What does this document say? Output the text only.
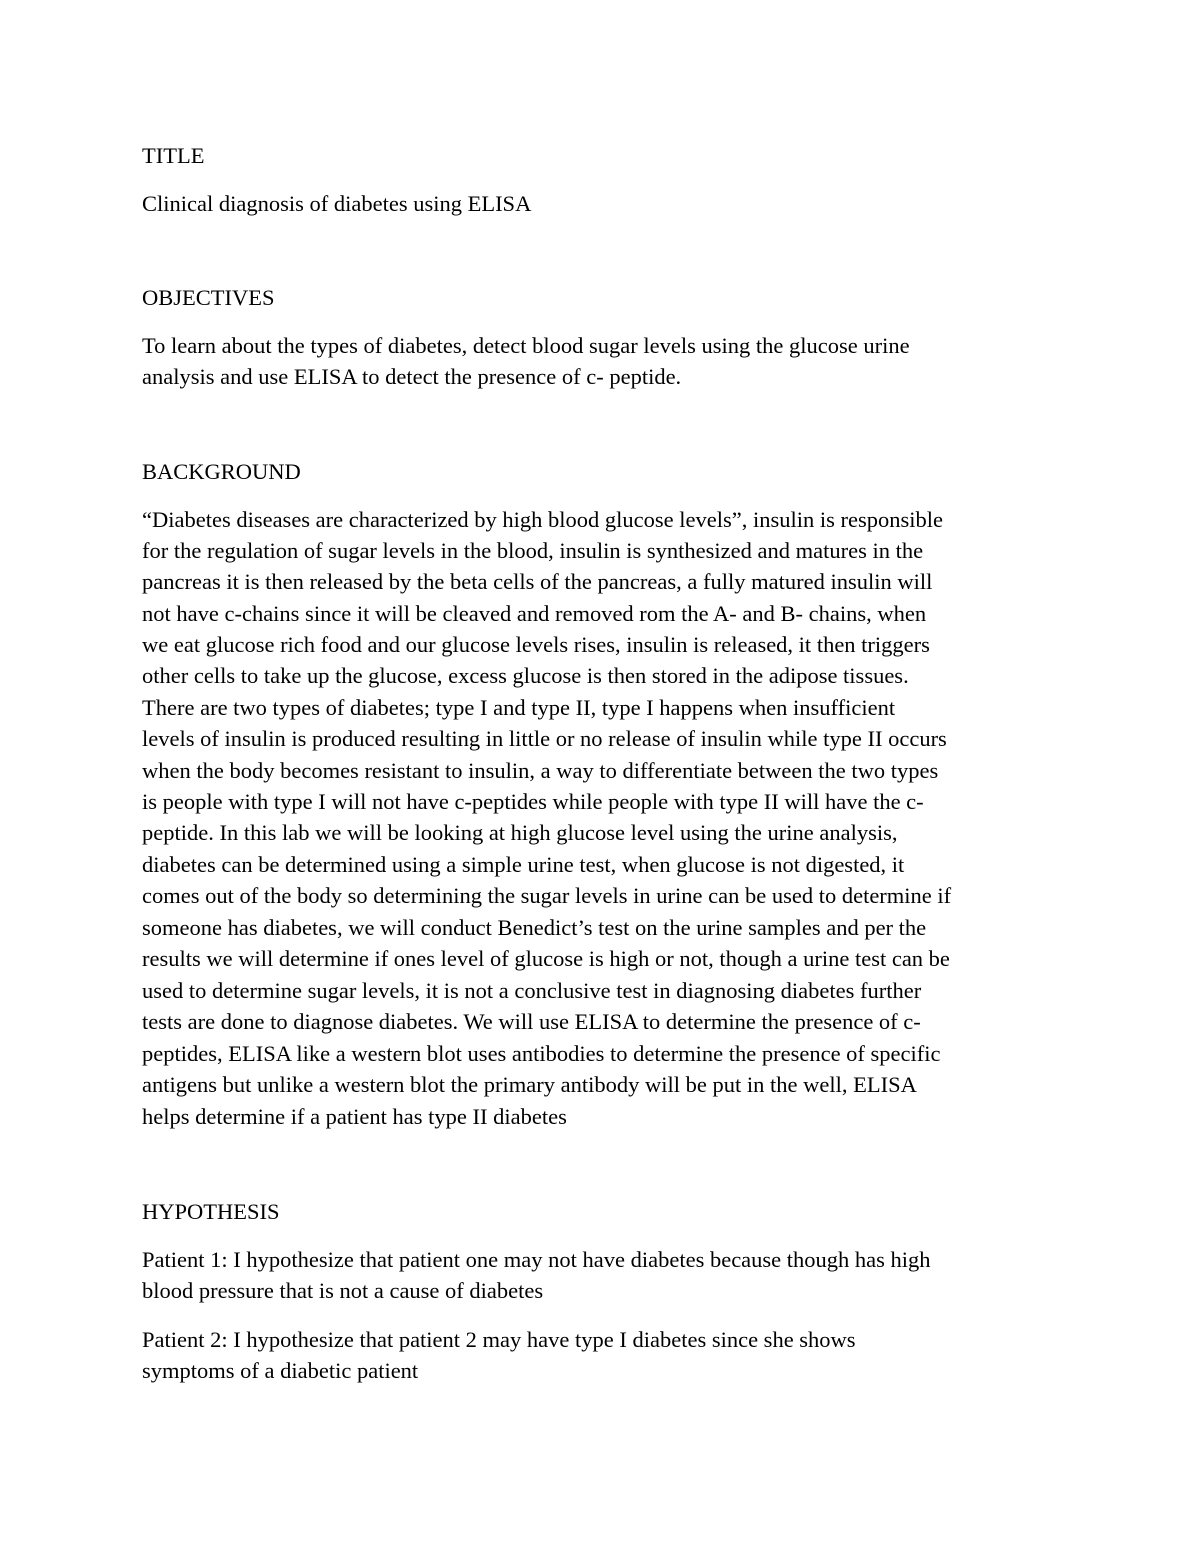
TITLE

Clinical diagnosis of diabetes using ELISA

OBJECTIVES

To learn about the types of diabetes, detect blood sugar levels using the glucose urine

analysis and use ELISA to detect the presence of c- peptide.

BACKGROUND

“Diabetes diseases are characterized by high blood glucose levels”, insulin is responsible

for the regulation of sugar levels in the blood, insulin is synthesized and matures in the

pancreas it is then released by the beta cells of the pancreas, a fully matured insulin will

not have c-chains since it will be cleaved and removed rom the A- and B- chains, when

we eat glucose rich food and our glucose levels rises, insulin is released, it then triggers

other cells to take up the glucose, excess glucose is then stored in the adipose tissues.

There are two types of diabetes; type I and type II, type I happens when insufficient

levels of insulin is produced resulting in little or no release of insulin while type II occurs

when the body becomes resistant to insulin, a way to differentiate between the two types

is people with type I will not have c-peptides while people with type II will have the c-

peptide. In this lab we will be looking at high glucose level using the urine analysis,

diabetes can be determined using a simple urine test, when glucose is not digested, it

comes out of the body so determining the sugar levels in urine can be used to determine if

someone has diabetes, we will conduct Benedict’s test on the urine samples and per the

results we will determine if ones level of glucose is high or not, though a urine test can be

used to determine sugar levels, it is not a conclusive test in diagnosing diabetes further

tests are done to diagnose diabetes. We will use ELISA to determine the presence of c-

peptides, ELISA like a western blot uses antibodies to determine the presence of specific

antigens but unlike a western blot the primary antibody will be put in the well, ELISA

helps determine if a patient has type II diabetes

HYPOTHESIS

Patient 1: I hypothesize that patient one may not have diabetes because though has high

blood pressure that is not a cause of diabetes

Patient 2: I hypothesize that patient 2 may have type I diabetes since she shows

symptoms of a diabetic patient
